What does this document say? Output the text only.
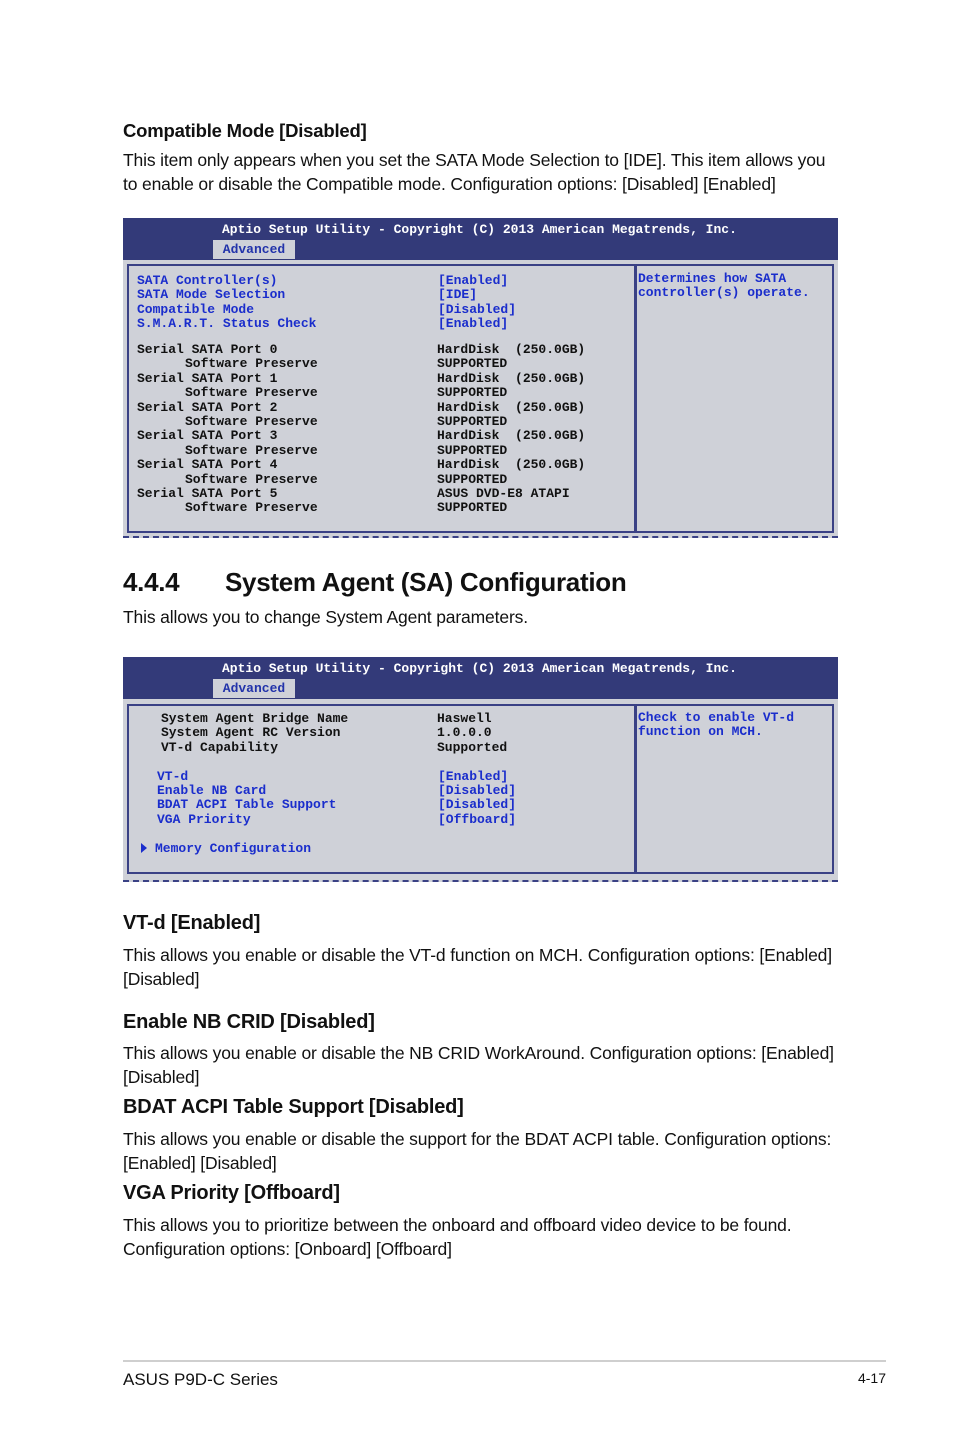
Compatible Mode [Disabled]
This item only appears when you set the SATA Mode Selection to [IDE]. This item allows you
to enable or disable the Compatible mode. Configuration options: [Disabled] [Enabled]
Aptio Setup Utility - Copyright (C) 2013 American Megatrends, Inc.
Advanced
SATA Controller(s)	[Enabled]
SATA Mode Selection	[IDE]
Compatible Mode	[Disabled]
S.M.A.R.T. Status Check	[Enabled]
Serial SATA Port 0	HardDisk  (250.0GB)
Software Preserve	SUPPORTED
Serial SATA Port 1	HardDisk  (250.0GB)
Software Preserve	SUPPORTED
Serial SATA Port 2	HardDisk  (250.0GB)
Software Preserve	SUPPORTED
Serial SATA Port 3	HardDisk  (250.0GB)
Software Preserve	SUPPORTED
Serial SATA Port 4	HardDisk  (250.0GB)
Software Preserve	SUPPORTED
Serial SATA Port 5	ASUS DVD-E8 ATAPI
Software Preserve	SUPPORTED
Determines how SATA
controller(s) operate.
4.4.4 System Agent (SA) Configuration
This allows you to change System Agent parameters.
Aptio Setup Utility - Copyright (C) 2013 American Megatrends, Inc.
Advanced
System Agent Bridge Name	Haswell
System Agent RC Version	1.0.0.0
VT-d Capability	Supported
VT-d	[Enabled]
Enable NB Card	[Disabled]
BDAT ACPI Table Support	[Disabled]
VGA Priority	[Offboard]
Memory Configuration
Check to enable VT-d
function on MCH.
VT-d [Enabled]
This allows you enable or disable the VT-d function on MCH. Configuration options: [Enabled]
[Disabled]
Enable NB CRID [Disabled]
This allows you enable or disable the NB CRID WorkAround. Configuration options: [Enabled]
[Disabled]
BDAT ACPI Table Support [Disabled]
This allows you enable or disable the support for the BDAT ACPI table. Configuration options:
[Enabled] [Disabled]
VGA Priority [Offboard]
This allows you to prioritize between the onboard and offboard video device to be found.
Configuration options: [Onboard] [Offboard]
ASUS P9D-C Series	4-17
